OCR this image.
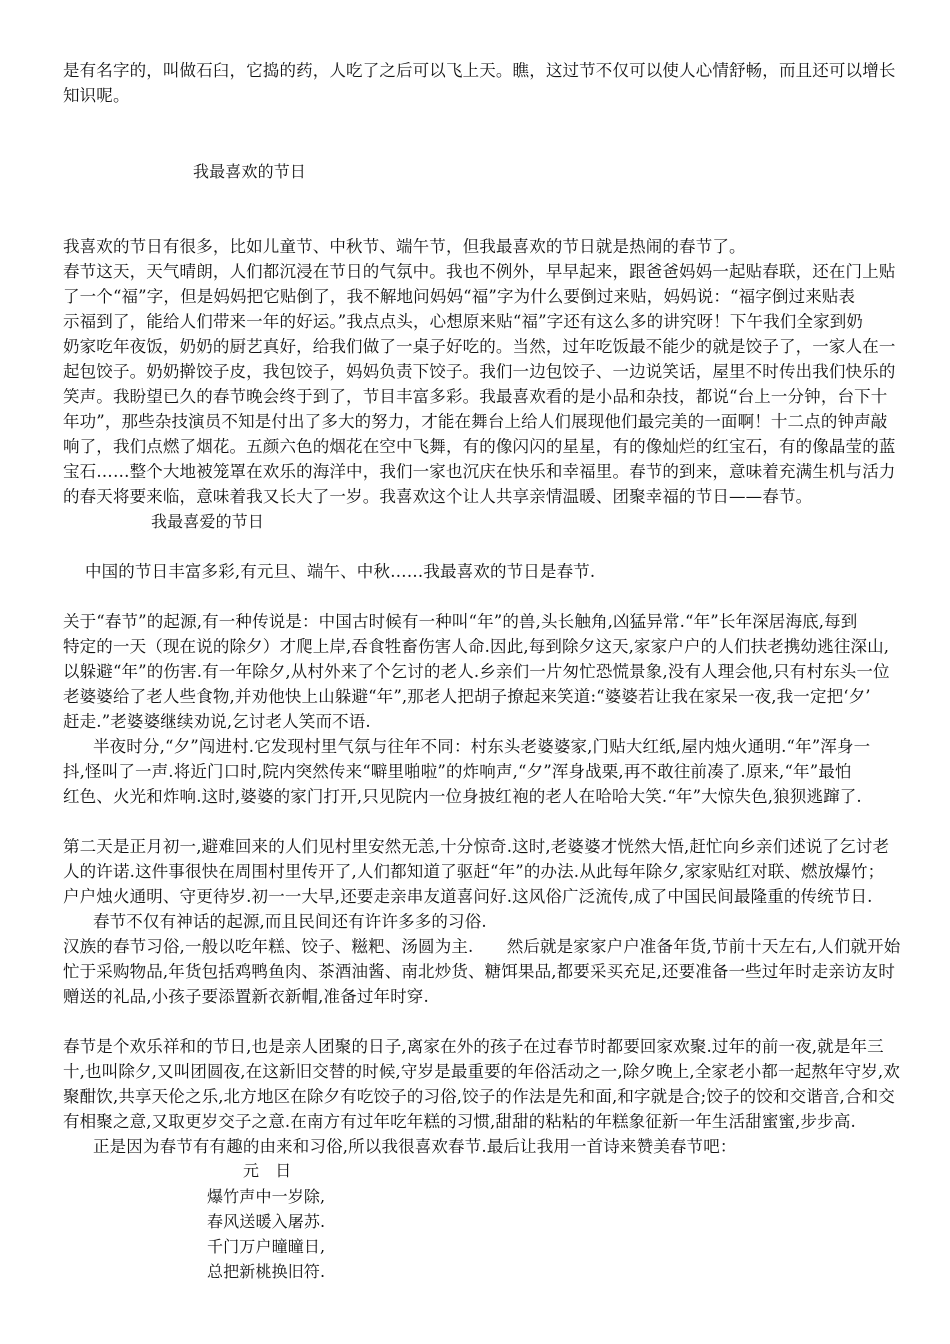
是有名字的，叫做石臼，它捣的药，人吃了之后可以飞上天。瞧，这过节不仅可以使人心情舒畅，而且还可以增长
知识呢。
我最喜欢的节日
我喜欢的节日有很多，比如儿童节、中秋节、端午节，但我最喜欢的节日就是热闹的春节了。
春节这天，天气晴朗，人们都沉浸在节日的气氛中。我也不例外，早早起来，跟爸爸妈妈一起贴春联，还在门上贴
了一个“福”字，但是妈妈把它贴倒了，我不解地问妈妈“福”字为什么要倒过来贴，妈妈说：“福字倒过来贴表
示福到了，能给人们带来一年的好运。”我点点头，心想原来贴“福”字还有这么多的讲究呀！下午我们全家到奶
奶家吃年夜饭，奶奶的厨艺真好，给我们做了一桌子好吃的。当然，过年吃饭最不能少的就是饺子了，一家人在一
起包饺子。奶奶擀饺子皮，我包饺子，妈妈负责下饺子。我们一边包饺子、一边说笑话，屋里不时传出我们快乐的
笑声。我盼望已久的春节晚会终于到了，节目丰富多彩。我最喜欢看的是小品和杂技，都说“台上一分钟，台下十
年功”，那些杂技演员不知是付出了多大的努力，才能在舞台上给人们展现他们最完美的一面啊！十二点的钟声敲
响了，我们点燃了烟花。五颜六色的烟花在空中飞舞，有的像闪闪的星星，有的像灿烂的红宝石，有的像晶莹的蓝
宝石……整个大地被笼罩在欢乐的海洋中，我们一家也沉庆在快乐和幸福里。春节的到来，意味着充满生机与活力
的春天将要来临，意味着我又长大了一岁。我喜欢这个让人共享亲情温暖、团聚幸福的节日——春节。
我最喜爱的节日
中国的节日丰富多彩,有元旦、端午、中秋……我最喜欢的节日是春节.
关于“春节”的起源,有一种传说是：中国古时候有一种叫“年”的兽,头长触角,凶猛异常.“年”长年深居海底,每到
特定的一天（现在说的除夕）才爬上岸,吞食牲畜伤害人命.因此,每到除夕这天,家家户户的人们扶老携幼逃往深山,
以躲避“年”的伤害.有一年除夕,从村外来了个乞讨的老人.乡亲们一片匆忙恐慌景象,没有人理会他,只有村东头一位
老婆婆给了老人些食物,并劝他快上山躲避“年”,那老人把胡子撩起来笑道:“婆婆若让我在家呆一夜,我一定把‘夕’
赶走.”老婆婆继续劝说,乞讨老人笑而不语.
半夜时分,“夕”闯进村.它发现村里气氛与往年不同：村东头老婆婆家,门贴大红纸,屋内烛火通明.“年”浑身一
抖,怪叫了一声.将近门口时,院内突然传来“噼里啪啦”的炸响声,“夕”浑身战栗,再不敢往前凑了.原来,“年”最怕
红色、火光和炸响.这时,婆婆的家门打开,只见院内一位身披红袍的老人在哈哈大笑.“年”大惊失色,狼狈逃蹿了.
第二天是正月初一,避难回来的人们见村里安然无恙,十分惊奇.这时,老婆婆才恍然大悟,赶忙向乡亲们述说了乞讨老
人的许诺.这件事很快在周围村里传开了,人们都知道了驱赶“年”的办法.从此每年除夕,家家贴红对联、燃放爆竹；
户户烛火通明、守更待岁.初一一大早,还要走亲串友道喜问好.这风俗广泛流传,成了中国民间最隆重的传统节日.
春节不仅有神话的起源,而且民间还有许许多多的习俗.
汉族的春节习俗,一般以吃年糕、饺子、糍粑、汤圆为主.　　然后就是家家户户准备年货,节前十天左右,人们就开始
忙于采购物品,年货包括鸡鸭鱼肉、茶酒油酱、南北炒货、糖饵果品,都要采买充足,还要准备一些过年时走亲访友时
赠送的礼品,小孩子要添置新衣新帽,准备过年时穿.
春节是个欢乐祥和的节日,也是亲人团聚的日子,离家在外的孩子在过春节时都要回家欢聚.过年的前一夜,就是年三
十,也叫除夕,又叫团圆夜,在这新旧交替的时候,守岁是最重要的年俗活动之一,除夕晚上,全家老小都一起熬年守岁,欢
聚酣饮,共享天伦之乐,北方地区在除夕有吃饺子的习俗,饺子的作法是先和面,和字就是合;饺子的饺和交谐音,合和交
有相聚之意,又取更岁交子之意.在南方有过年吃年糕的习惯,甜甜的粘粘的年糕象征新一年生活甜蜜蜜,步步高.
正是因为春节有有趣的由来和习俗,所以我很喜欢春节.最后让我用一首诗来赞美春节吧：
元　日
爆竹声中一岁除,
春风送暖入屠苏.
千门万户曈曈日,
总把新桃换旧符.
